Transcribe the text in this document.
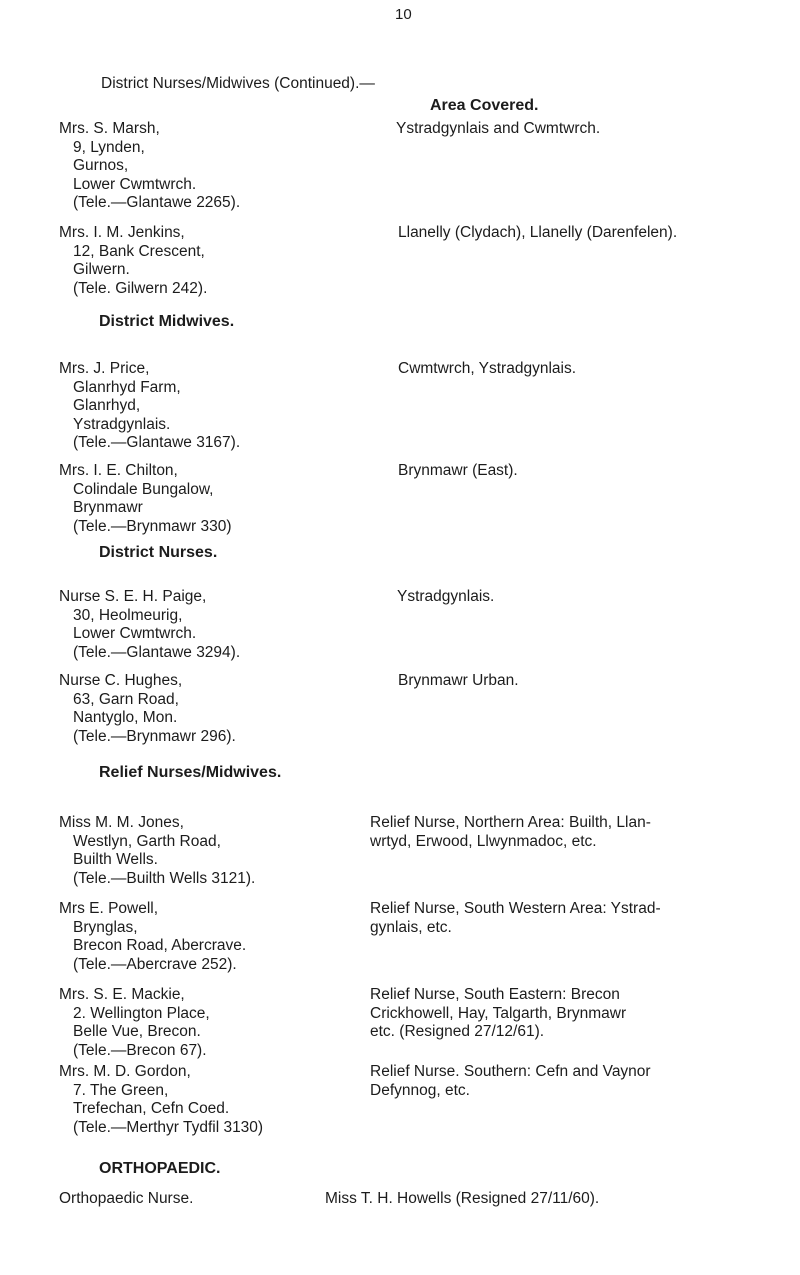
10
District Nurses/Midwives (Continued).—
Area Covered.
Mrs. S. Marsh,
9, Lynden,
Gurnos,
Lower Cwmtwrch.
(Tele.—Glantawe 2265).
Ystradgynlais and Cwmtwrch.
Mrs. I. M. Jenkins,
12, Bank Crescent,
Gilwern.
(Tele. Gilwern 242).
Llanelly (Clydach), Llanelly (Darenfelen).
District Midwives.
Mrs. J. Price,
Glanrhyd Farm,
Glanrhyd,
Ystradgynlais.
(Tele.—Glantawe 3167).
Cwmtwrch, Ystradgynlais.
Mrs. I. E. Chilton,
Colindale Bungalow,
Brynmawr
(Tele.—Brynmawr 330)
Brynmawr (East).
District Nurses.
Nurse S. E. H. Paige,
30, Heolmeurig,
Lower Cwmtwrch.
(Tele.—Glantawe 3294).
Ystradgynlais.
Nurse C. Hughes,
63, Garn Road,
Nantyglo, Mon.
(Tele.—Brynmawr 296).
Brynmawr Urban.
Relief Nurses/Midwives.
Miss M. M. Jones,
Westlyn, Garth Road,
Builth Wells.
(Tele.—Builth Wells 3121).
Relief Nurse, Northern Area: Builth, Llan-
wrtyd, Erwood, Llwynmadoc, etc.
Mrs E. Powell,
Brynglas,
Brecon Road, Abercrave.
(Tele.—Abercrave 252).
Relief Nurse, South Western Area: Ystrad-
gynlais, etc.
Mrs. S. E. Mackie,
2. Wellington Place,
Belle Vue, Brecon.
(Tele.—Brecon 67).
Relief Nurse, South Eastern: Brecon
Crickhowell, Hay, Talgarth, Brynmawr
etc. (Resigned 27/12/61).
Mrs. M. D. Gordon,
7. The Green,
Trefechan, Cefn Coed.
(Tele.—Merthyr Tydfil 3130)
Relief Nurse. Southern: Cefn and Vaynor
Defynnog, etc.
ORTHOPAEDIC.
Orthopaedic Nurse.	Miss T. H. Howells (Resigned 27/11/60).
